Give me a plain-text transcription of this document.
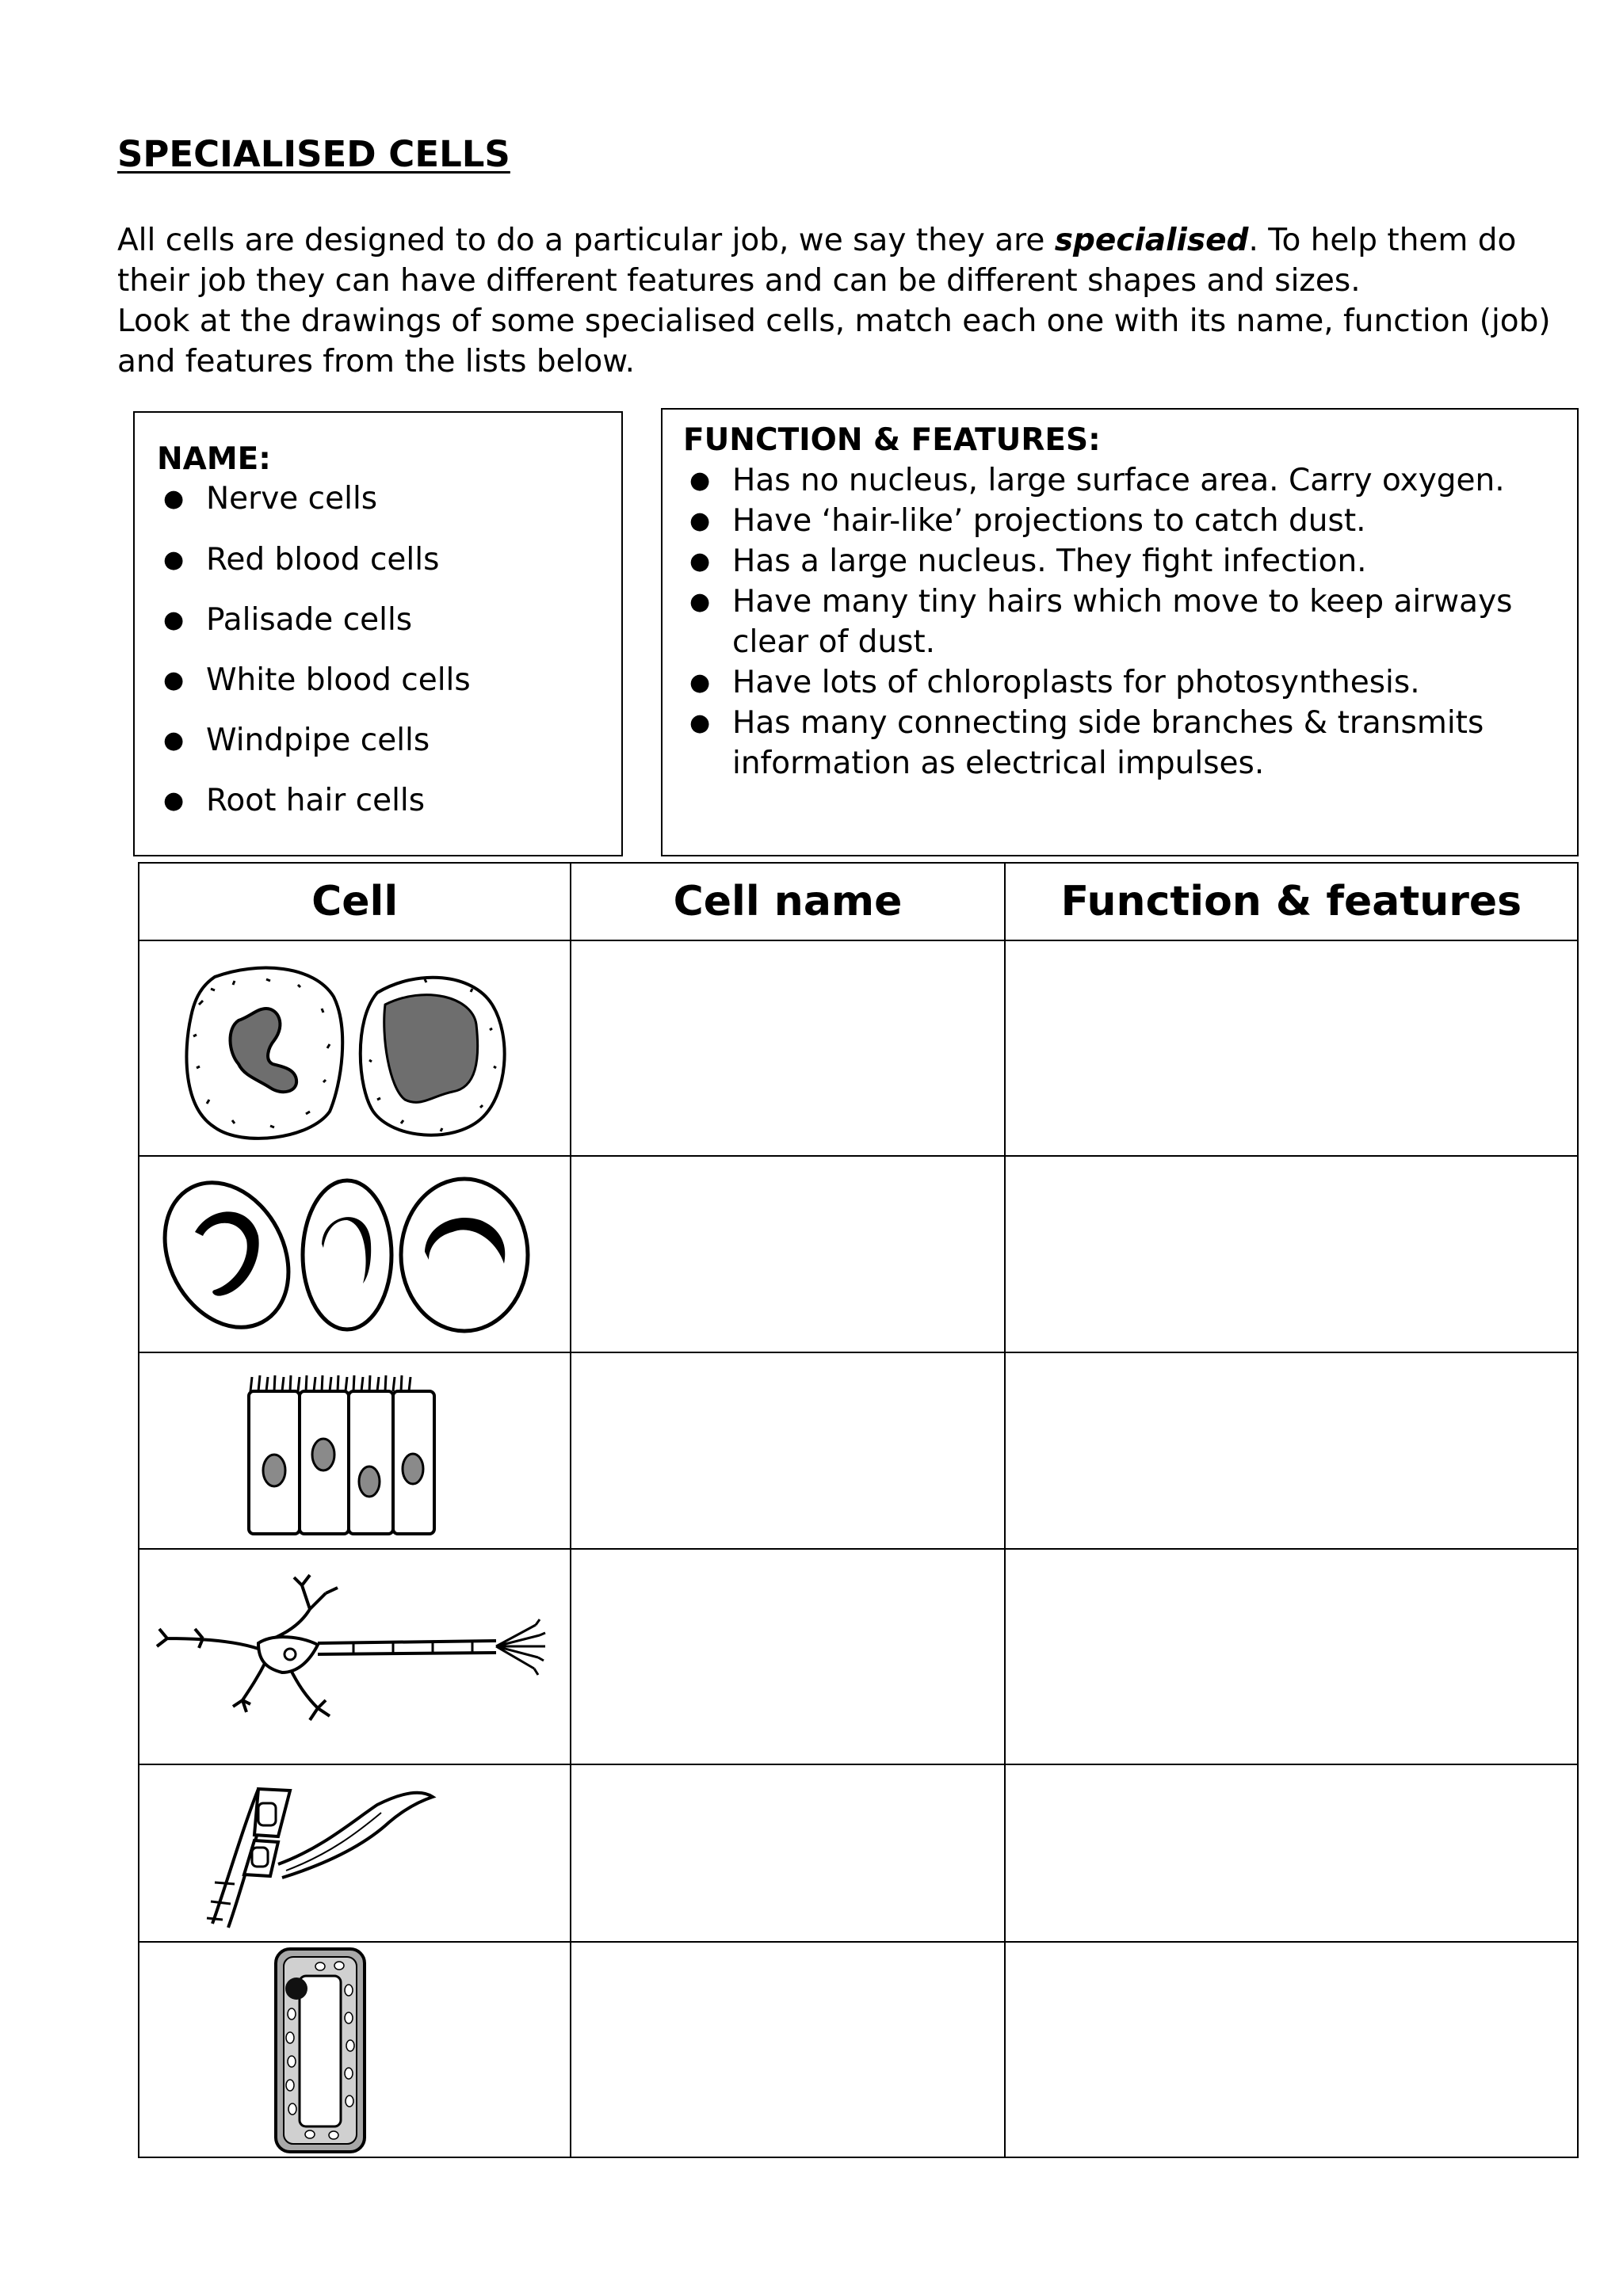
SPECIALISED CELLS

All cells are designed to do a particular job, we say they are specialised. To help them do their job they can have different features and can be different shapes and sizes.

Look at the drawings of some specialised cells, match each one with its name, function (job) and features from the lists below.

NAME:
● Nerve cells
● Red blood cells
● Palisade cells
● White blood cells
● Windpipe cells
● Root hair cells
FUNCTION & FEATURES:
● Has no nucleus, large surface area. Carry oxygen.
● Have ‘hair-like’ projections to catch dust.
● Has a large nucleus. They fight infection.
● Have many tiny hairs which move to keep airways clear of dust.
● Have lots of chloroplasts for photosynthesis.
● Has many connecting side branches & transmits information as electrical impulses.
Cell	Cell name	Function & features
